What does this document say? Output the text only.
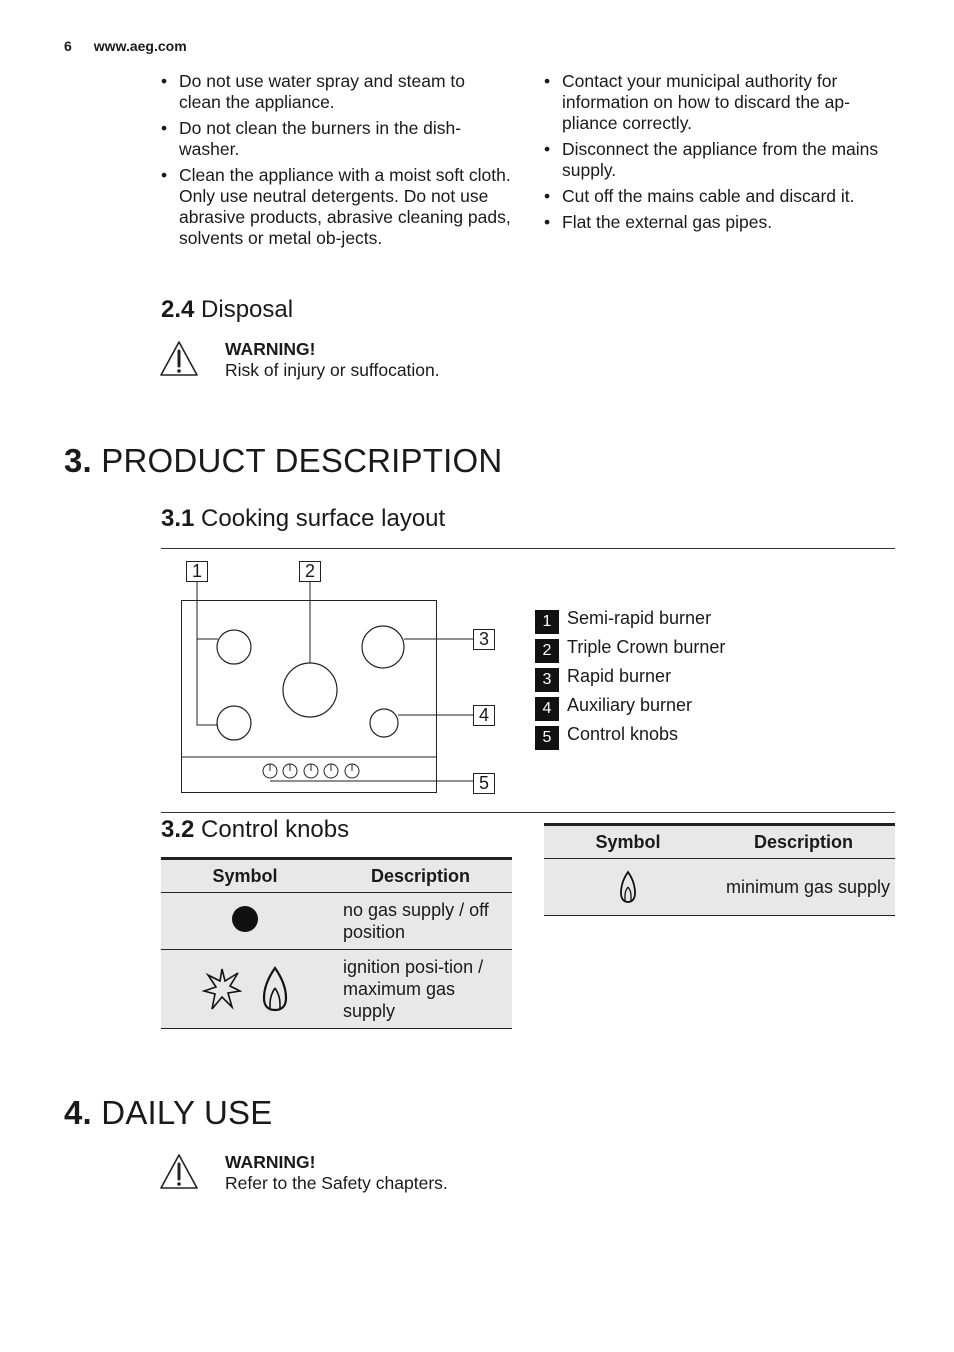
6 www.aeg.com
• Do not use water spray and steam to clean the appliance.
• Do not clean the burners in the dish-washer.
• Clean the appliance with a moist soft cloth. Only use neutral detergents. Do not use abrasive products, abrasive cleaning pads, solvents or metal ob-jects.
• Contact your municipal authority for information on how to discard the ap-pliance correctly.
• Disconnect the appliance from the mains supply.
• Cut off the mains cable and discard it.
• Flat the external gas pipes.
2.4 Disposal
WARNING!
Risk of injury or suffocation.
3. PRODUCT DESCRIPTION
3.1 Cooking surface layout
1	2
3
4
5
1 Semi-rapid burner
2 Triple Crown burner
3 Rapid burner
4 Auxiliary burner
5 Control knobs
3.2 Control knobs
Symbol	Description
	no gas supply / off position
	ignition posi-tion / maximum gas supply
Symbol	Description
	minimum gas supply
4. DAILY USE
WARNING!
Refer to the Safety chapters.
